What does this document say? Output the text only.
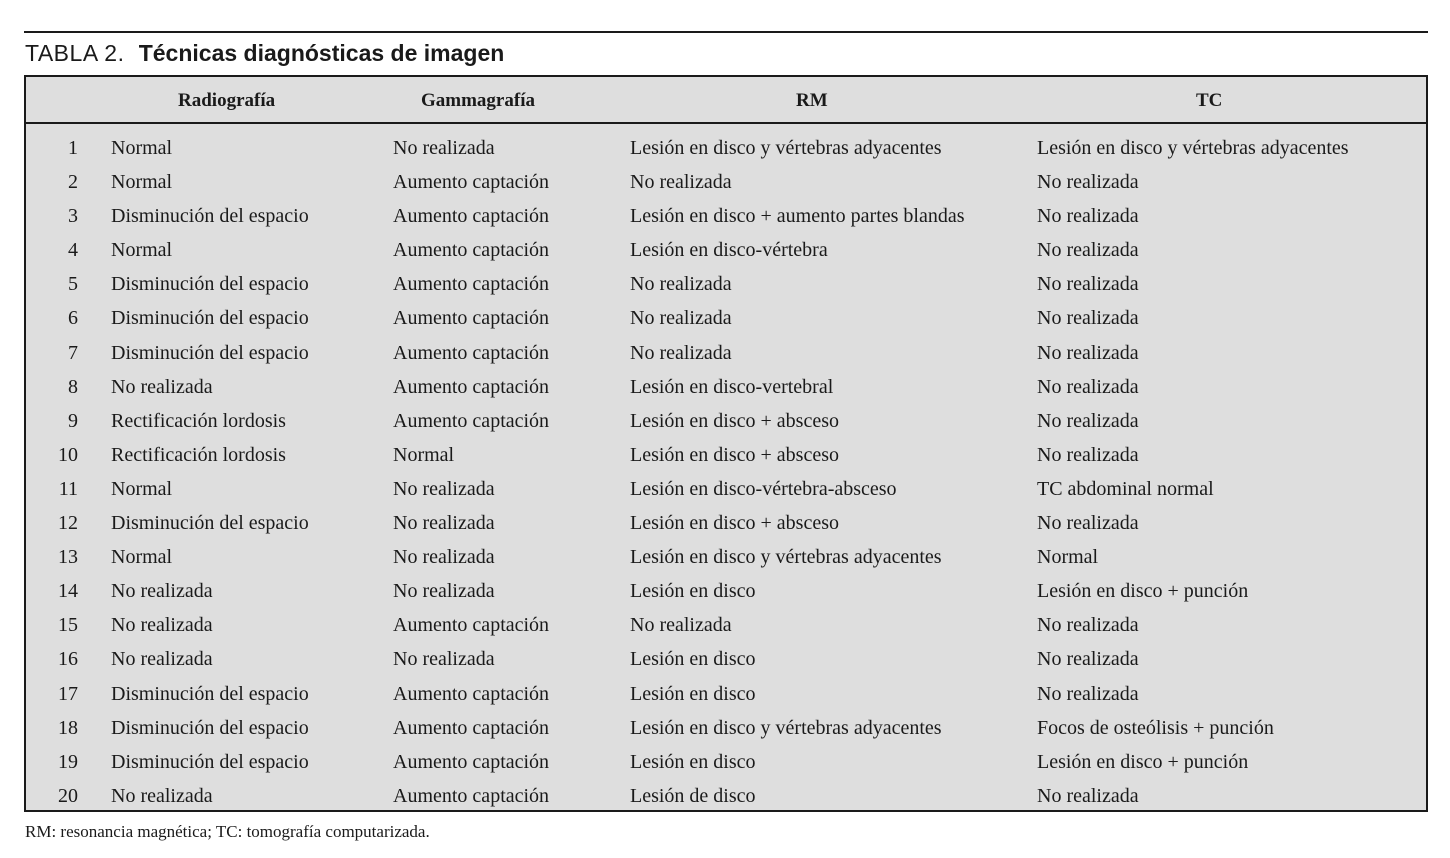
TABLA 2. Técnicas diagnósticas de imagen
Radiografía	Gammagrafía	RM	TC
1 Normal	No realizada	Lesión en disco y vértebras adyacentes	Lesión en disco y vértebras adyacentes
2 Normal	Aumento captación	No realizada	No realizada
3 Disminución del espacio	Aumento captación	Lesión en disco + aumento partes blandas	No realizada
4 Normal	Aumento captación	Lesión en disco-vértebra	No realizada
5 Disminución del espacio	Aumento captación	No realizada	No realizada
6 Disminución del espacio	Aumento captación	No realizada	No realizada
7 Disminución del espacio	Aumento captación	No realizada	No realizada
8 No realizada	Aumento captación	Lesión en disco-vertebral	No realizada
9 Rectificación lordosis	Aumento captación	Lesión en disco + absceso	No realizada
10 Rectificación lordosis	Normal	Lesión en disco + absceso	No realizada
11 Normal	No realizada	Lesión en disco-vértebra-absceso	TC abdominal normal
12 Disminución del espacio	No realizada	Lesión en disco + absceso	No realizada
13 Normal	No realizada	Lesión en disco y vértebras adyacentes	Normal
14 No realizada	No realizada	Lesión en disco	Lesión en disco + punción
15 No realizada	Aumento captación	No realizada	No realizada
16 No realizada	No realizada	Lesión en disco	No realizada
17 Disminución del espacio	Aumento captación	Lesión en disco	No realizada
18 Disminución del espacio	Aumento captación	Lesión en disco y vértebras adyacentes	Focos de osteólisis + punción
19 Disminución del espacio	Aumento captación	Lesión en disco	Lesión en disco + punción
20 No realizada	Aumento captación	Lesión de disco	No realizada
RM: resonancia magnética; TC: tomografía computarizada.
